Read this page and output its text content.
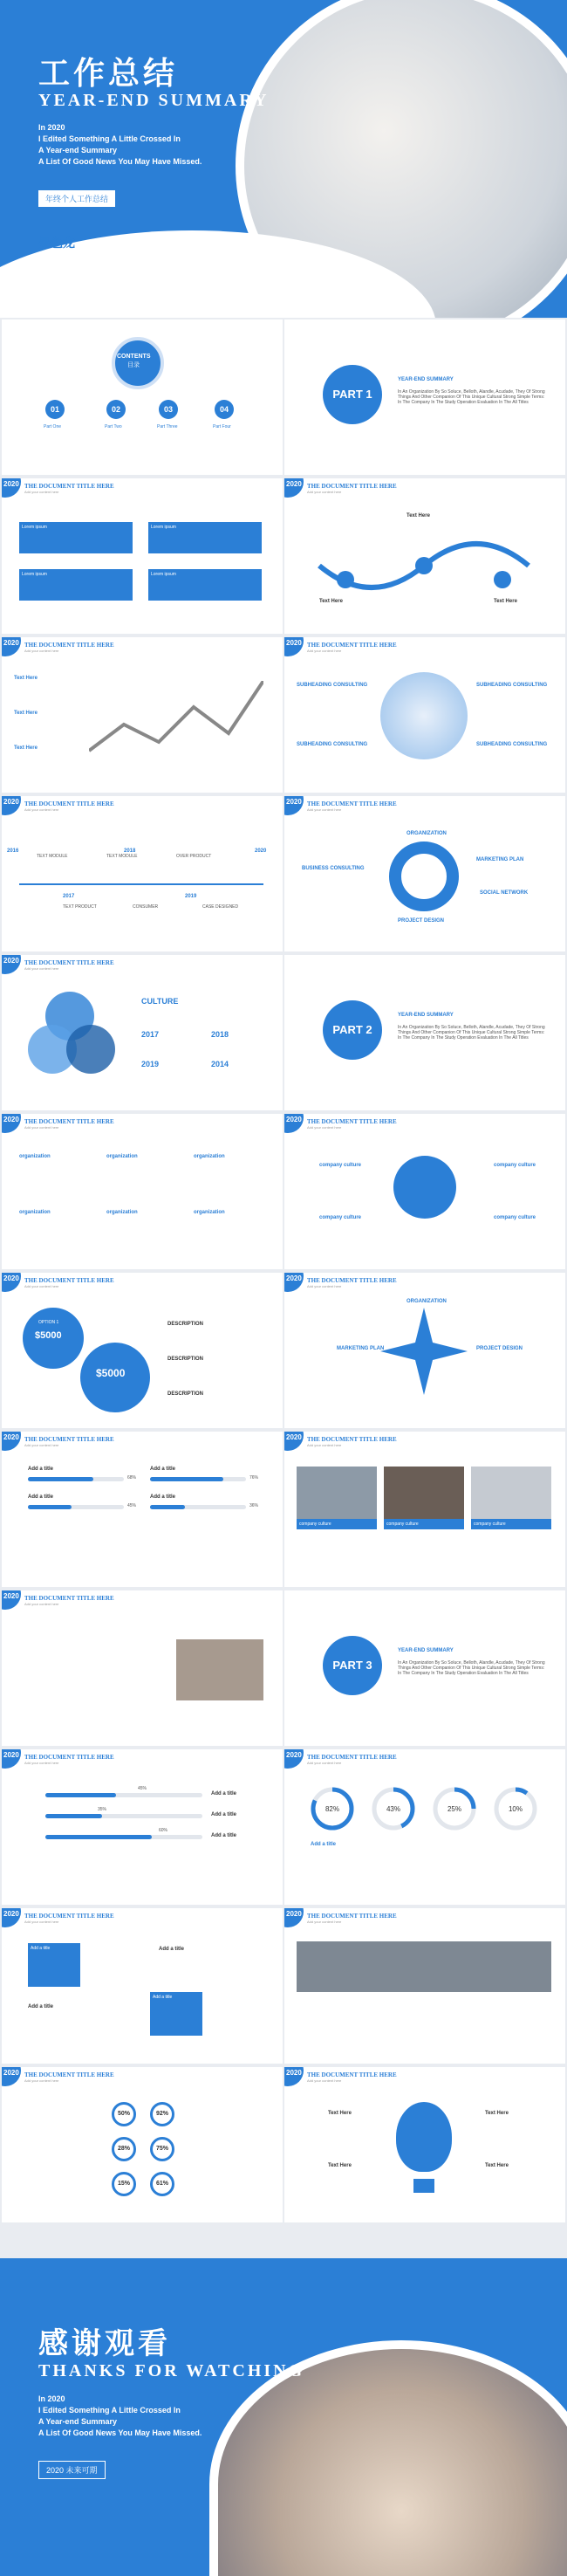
工作总结
YEAR-END SUMMARY
In 2020
I Edited Something A Little Crossed In
A Year-end Summary
A List Of Good News You May Have Missed.
年终个人工作总结
晏色龙
CONTENTS
目录
01	02	03	04
Part One	Part Two	Part Three	Part Four
PART 1
YEAR-END SUMMARY
In An Organization By So Soluce, Belloth, Alandle, Acudade, They Of Strong Things And Other Companion Of This Unique Cultural Strong Simple Terms: In The Company In The Study Operation Evaluation In The All Titles
2020 THE DOCUMENT TITLE HERE
Add your content here
Lorem ipsum	Lorem ipsum
Lorem ipsum	Lorem ipsum
2020 THE DOCUMENT TITLE HERE
Add your content here
Text Here
Text Here
Text Here
2020 THE DOCUMENT TITLE HERE
Add your content here
Text Here
Text Here
Text Here
2020 THE DOCUMENT TITLE HERE
Add your content here
SUBHEADING CONSULTING	SUBHEADING CONSULTING
SUBHEADING CONSULTING	SUBHEADING CONSULTING
2020 THE DOCUMENT TITLE HERE
Add your content here
2016
2017
2018
2019
2020
TEXT MODULE	TEXT MODULE	OVER PRODUCT
TEXT PRODUCT	CONSUMER	CASE DESIGNED
2020 THE DOCUMENT TITLE HERE
Add your content here
ORGANIZATION
MARKETING PLAN
SOCIAL NETWORK
PROJECT DESIGN
BUSINESS CONSULTING
2020 THE DOCUMENT TITLE HERE
Add your content here
CULTURE
2017	2018
2019	2014
PART 2
YEAR-END SUMMARY
In An Organization By So Soluce, Belloth, Alandle, Acudade, They Of Strong Things And Other Companion Of This Unique Cultural Strong Simple Terms: In The Company In The Study Operation Evaluation In The All Titles
2020 THE DOCUMENT TITLE HERE
Add your content here
organization	organization	organization
organization	organization	organization
2020 THE DOCUMENT TITLE HERE
Add your content here
company culture
company culture
company culture
company culture
2020 THE DOCUMENT TITLE HERE
Add your content here
OPTION 1
$5000
$5000
DESCRIPTION
DESCRIPTION
DESCRIPTION
2020 THE DOCUMENT TITLE HERE
Add your content here
ORGANIZATION
MARKETING PLAN	PROJECT DESIGN
2020 THE DOCUMENT TITLE HERE
Add your content here
Add a title	Add a title
Add a title	Add a title
68%	76%
45%	36%
2020 THE DOCUMENT TITLE HERE
Add your content here
company culture	company culture	company culture
2020 THE DOCUMENT TITLE HERE
Add your content here
PART 3
YEAR-END SUMMARY
In An Organization By So Soluce, Belloth, Alandle, Acudade, They Of Strong Things And Other Companion Of This Unique Cultural Strong Simple Terms: In The Company In The Study Operation Evaluation In The All Titles
2020 THE DOCUMENT TITLE HERE
Add your content here
45%
35%
60%
Add a title
Add a title
Add a title
2020 THE DOCUMENT TITLE HERE
Add your content here
82%	43%	25%	10%
Add a title
2020 THE DOCUMENT TITLE HERE
Add your content here
Add a title
Add a title
Add a title
Add a title
2020 THE DOCUMENT TITLE HERE
Add your content here
2020 THE DOCUMENT TITLE HERE
Add your content here
50%	92%
28%	75%
15%	61%
2020 THE DOCUMENT TITLE HERE
Add your content here
Text Here
Text Here
Text Here
Text Here
感谢观看
THANKS FOR WATCHING
In 2020
I Edited Something A Little Crossed In
A Year-end Summary
A List Of Good News You May Have Missed.
2020 未来可期
